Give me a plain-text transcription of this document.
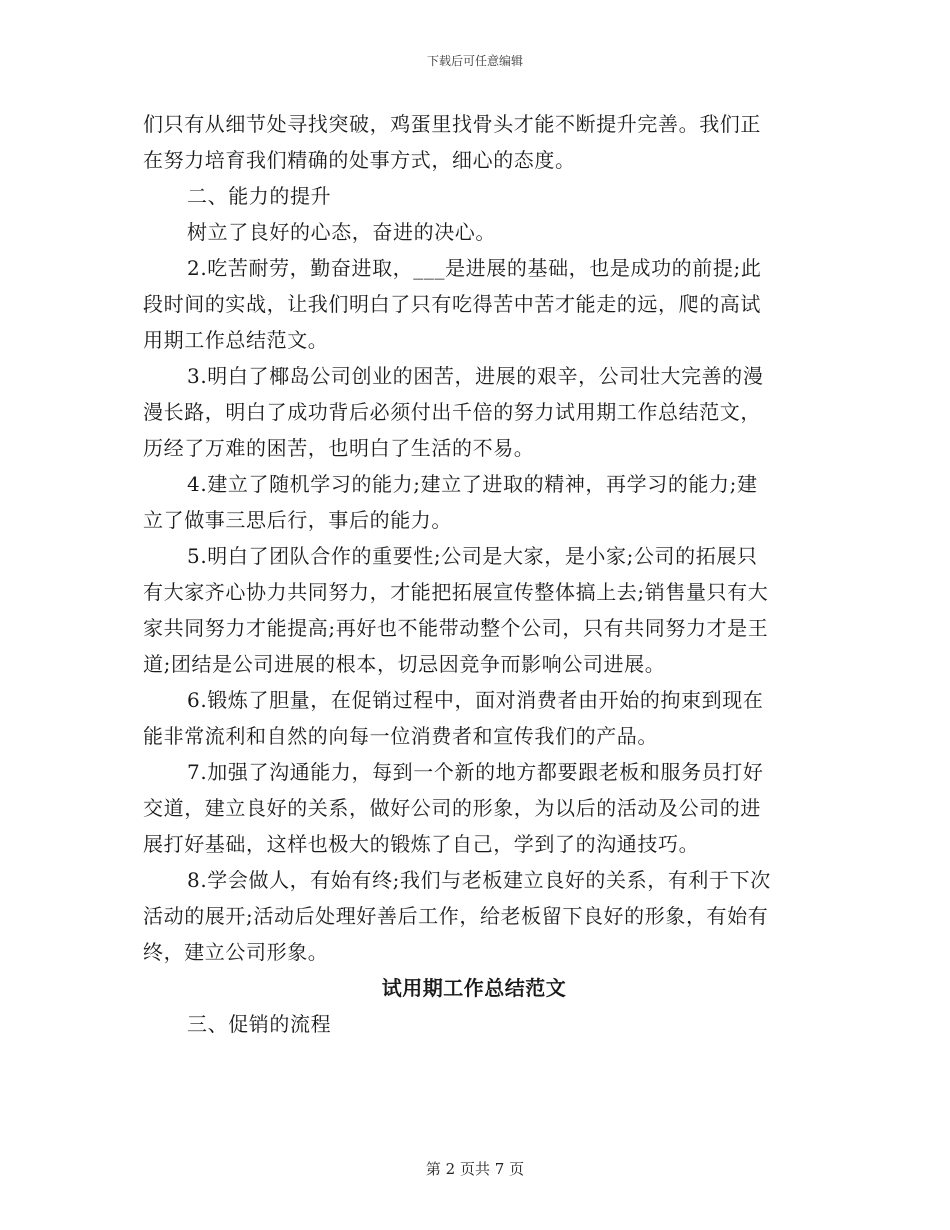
下载后可任意编辑
们只有从细节处寻找突破，鸡蛋里找骨头才能不断提升完善。我们正
在努力培育我们精确的处事方式，细心的态度。
二、能力的提升
树立了良好的心态，奋进的决心。
2.吃苦耐劳，勤奋进取，___是进展的基础，也是成功的前提;此
段时间的实战，让我们明白了只有吃得苦中苦才能走的远，爬的高试
用期工作总结范文。
3.明白了椰岛公司创业的困苦，进展的艰辛，公司壮大完善的漫
漫长路，明白了成功背后必须付出千倍的努力试用期工作总结范文，
历经了万难的困苦，也明白了生活的不易。
4.建立了随机学习的能力;建立了进取的精神，再学习的能力;建
立了做事三思后行，事后的能力。
5.明白了团队合作的重要性;公司是大家，是小家;公司的拓展只
有大家齐心协力共同努力，才能把拓展宣传整体搞上去;销售量只有大
家共同努力才能提高;再好也不能带动整个公司，只有共同努力才是王
道;团结是公司进展的根本，切忌因竞争而影响公司进展。
6.锻炼了胆量，在促销过程中，面对消费者由开始的拘束到现在
能非常流利和自然的向每一位消费者和宣传我们的产品。
7.加强了沟通能力，每到一个新的地方都要跟老板和服务员打好
交道，建立良好的关系，做好公司的形象，为以后的活动及公司的进
展打好基础，这样也极大的锻炼了自己，学到了的沟通技巧。
8.学会做人，有始有终;我们与老板建立良好的关系，有利于下次
活动的展开;活动后处理好善后工作，给老板留下良好的形象，有始有
终，建立公司形象。
试用期工作总结范文
三、促销的流程
第 2 页共 7 页
